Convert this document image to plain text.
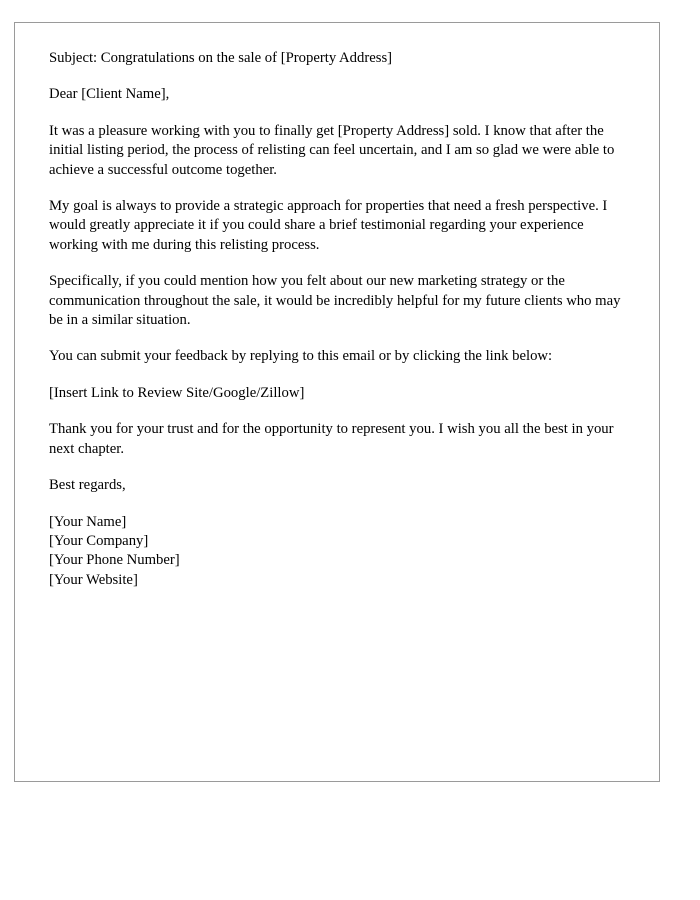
Subject: Congratulations on the sale of [Property Address]

Dear [Client Name],

It was a pleasure working with you to finally get [Property Address] sold. I know that after the initial listing period, the process of relisting can feel uncertain, and I am so glad we were able to achieve a successful outcome together.

My goal is always to provide a strategic approach for properties that need a fresh perspective. I would greatly appreciate it if you could share a brief testimonial regarding your experience working with me during this relisting process.

Specifically, if you could mention how you felt about our new marketing strategy or the communication throughout the sale, it would be incredibly helpful for my future clients who may be in a similar situation.

You can submit your feedback by replying to this email or by clicking the link below:

[Insert Link to Review Site/Google/Zillow]

Thank you for your trust and for the opportunity to represent you. I wish you all the best in your next chapter.

Best regards,

[Your Name]

[Your Company]

[Your Phone Number]

[Your Website]
